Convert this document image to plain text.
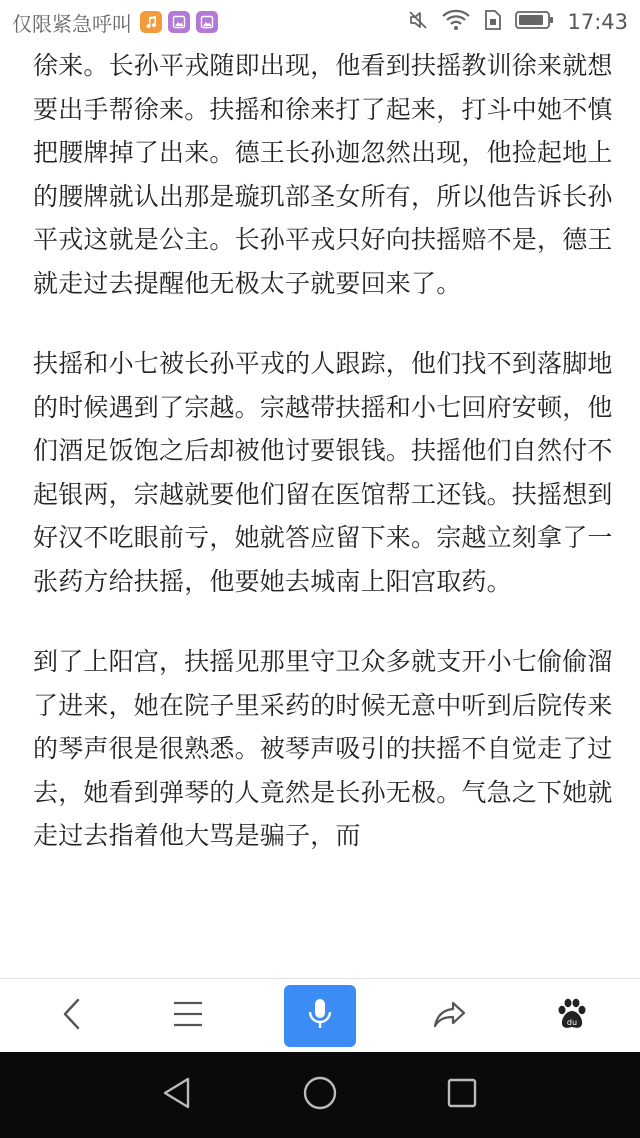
仅限紧急呼叫	17:43

徐来。长孙平戎随即出现，他看到扶摇教训徐来就想要出手帮徐来。扶摇和徐来打了起来，打斗中她不慎把腰牌掉了出来。德王长孙迦忽然出现，他捡起地上的腰牌就认出那是璇玑部圣女所有，所以他告诉长孙平戎这就是公主。长孙平戎只好向扶摇赔不是，德王就走过去提醒他无极太子就要回来了。

扶摇和小七被长孙平戎的人跟踪，他们找不到落脚地的时候遇到了宗越。宗越带扶摇和小七回府安顿，他们酒足饭饱之后却被他讨要银钱。扶摇他们自然付不起银两，宗越就要他们留在医馆帮工还钱。扶摇想到好汉不吃眼前亏，她就答应留下来。宗越立刻拿了一张药方给扶摇，他要她去城南上阳宫取药。

到了上阳宫，扶摇见那里守卫众多就支开小七偷偷溜了进来，她在院子里采药的时候无意中听到后院传来的琴声很是很熟悉。被琴声吸引的扶摇不自觉走了过去，她看到弹琴的人竟然是长孙无极。气急之下她就走过去指着他大骂是骗子，而

du
